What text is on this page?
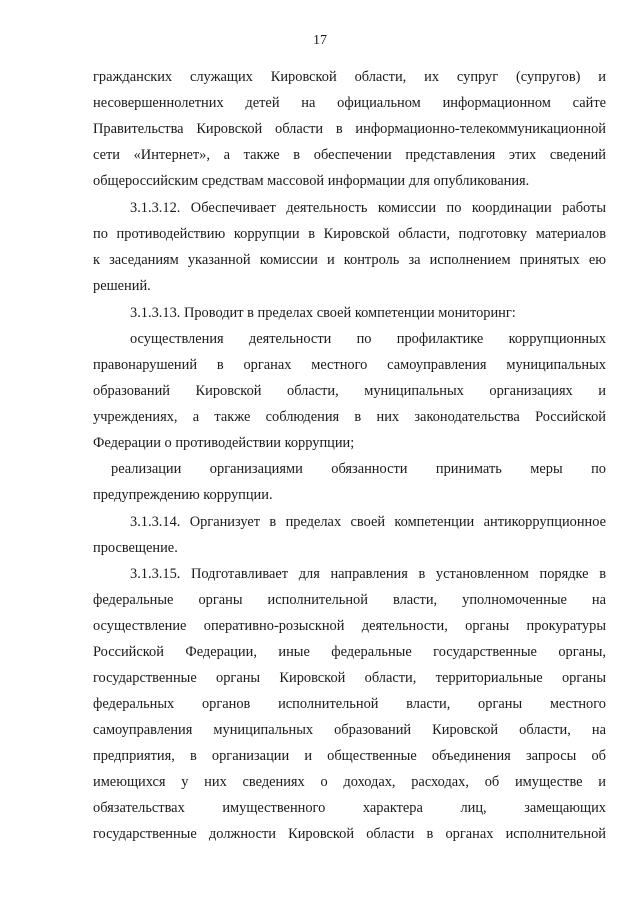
17
гражданских служащих Кировской области, их супруг (супругов) и
несовершеннолетних детей на официальном информационном сайте
Правительства Кировской области в информационно-телекоммуникационной
сети «Интернет», а также в обеспечении представления этих сведений
общероссийским средствам массовой информации для опубликования.
3.1.3.12. Обеспечивает деятельность комиссии по координации работы
по противодействию коррупции в Кировской области, подготовку материалов
к заседаниям указанной комиссии и контроль за исполнением принятых ею
решений.
3.1.3.13. Проводит в пределах своей компетенции мониторинг:
осуществления деятельности по профилактике коррупционных
правонарушений в органах местного самоуправления муниципальных
образований Кировской области, муниципальных организациях и
учреждениях, а также соблюдения в них законодательства Российской
Федерации о противодействии коррупции;
реализации организациями обязанности принимать меры по
предупреждению коррупции.
3.1.3.14. Организует в пределах своей компетенции антикоррупционное
просвещение.
3.1.3.15. Подготавливает для направления в установленном порядке в
федеральные органы исполнительной власти, уполномоченные на
осуществление оперативно-розыскной деятельности, органы прокуратуры
Российской Федерации, иные федеральные государственные органы,
государственные органы Кировской области, территориальные органы
федеральных органов исполнительной власти, органы местного
самоуправления муниципальных образований Кировской области, на
предприятия, в организации и общественные объединения запросы об
имеющихся у них сведениях о доходах, расходах, об имуществе и
обязательствах имущественного характера лиц, замещающих
государственные должности Кировской области в органах исполнительной
